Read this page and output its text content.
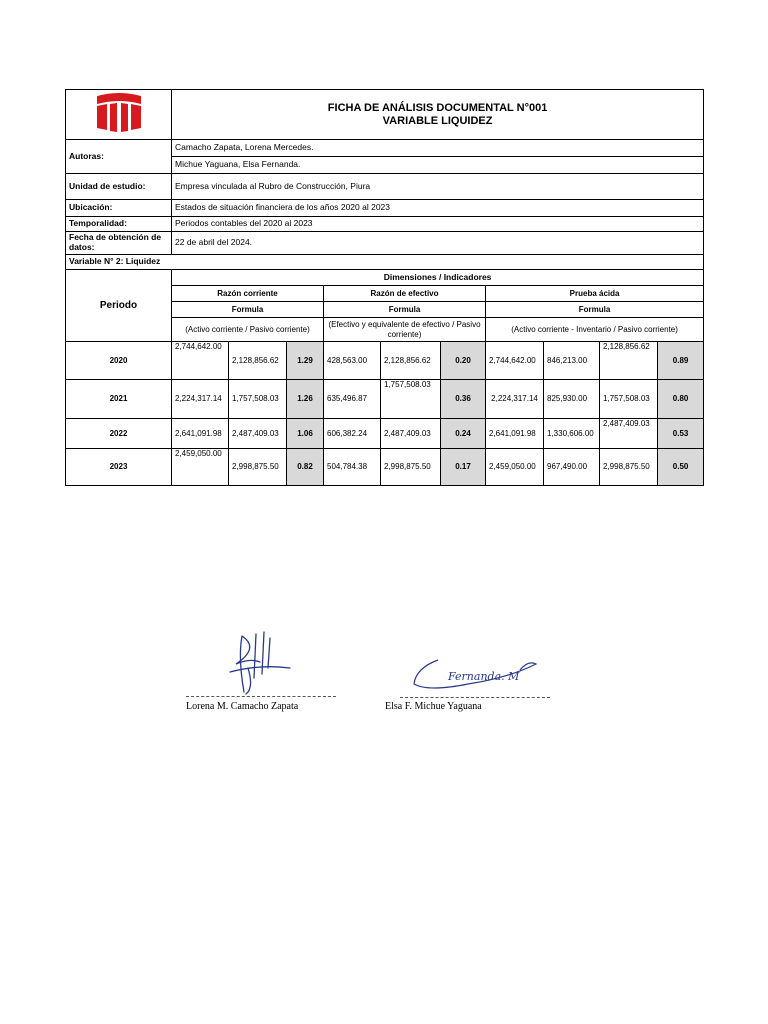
FICHA DE ANÁLISIS DOCUMENTAL N°001
VARIABLE LIQUIDEZ									

Autoras:	Camacho Zapata, Lorena Mercedes.									
	Michue Yaguana, Elsa Fernanda.									
Unidad de estudio:	Empresa vinculada al Rubro de Construcción, Piura									
Ubicación:	Estados de situación financiera de los años 2020 al 2023									
Temporalidad:	Periodos contables del 2020 al 2023									
Fecha de obtención de datos:	22 de abril del 2024.									
Variable N° 2: Liquidez										
Periodo	Dimensiones / Indicadores									
	Razón corriente			Razón de efectivo			Prueba ácida			
	Formula			Formula			Formula			
	(Activo corriente / Pasivo corriente)			(Efectivo y equivalente de efectivo / Pasivo corriente)			(Activo corriente - Inventario / Pasivo corriente)			
2020	2,744,642.00	2,128,856.62	1.29	428,563.00	2,128,856.62	0.20	2,744,642.00	846,213.00	2,128,856.62	0.89
2021	2,224,317.14	1,757,508.03	1.26	635,496.87	1,757,508.03	0.36	2,224,317.14	825,930.00	1,757,508.03	0.80
2022	2,641,091.98	2,487,409.03	1.06	606,382.24	2,487,409.03	0.24	2,641,091.98	1,330,606.00	2,487,409.03	0.53
2023	2,459,050.00	2,998,875.50	0.82	504,784.38	2,998,875.50	0.17	2,459,050.00	967,490.00	2,998,875.50	0.50
Lorena M. Camacho Zapata
Fernanda. M
Elsa F. Michue Yaguana
